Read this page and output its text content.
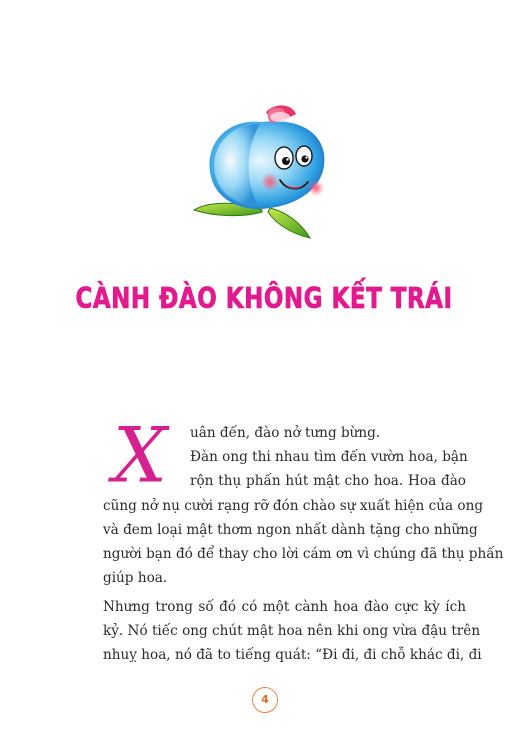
CÀNH ĐÀO KHÔNG KẾT TRÁI
X uân đến, đào nở tưng bừng.
Đàn ong thi nhau tìm đến vườn hoa, bận
rộn thụ phấn hút mật cho hoa. Hoa đào
cũng nở nụ cười rạng rỡ đón chào sự xuất hiện của ong
và đem loại mật thơm ngon nhất dành tặng cho những
người bạn đó để thay cho lời cám ơn vì chúng đã thụ phấn
giúp hoa.
Nhưng trong số đó có một cành hoa đào cực kỳ ích
kỷ. Nó tiếc ong chút mật hoa nên khi ong vừa đậu trên
nhuỵ hoa, nó đã to tiếng quát: “Đi đi, đi chỗ khác đi, đi
4
